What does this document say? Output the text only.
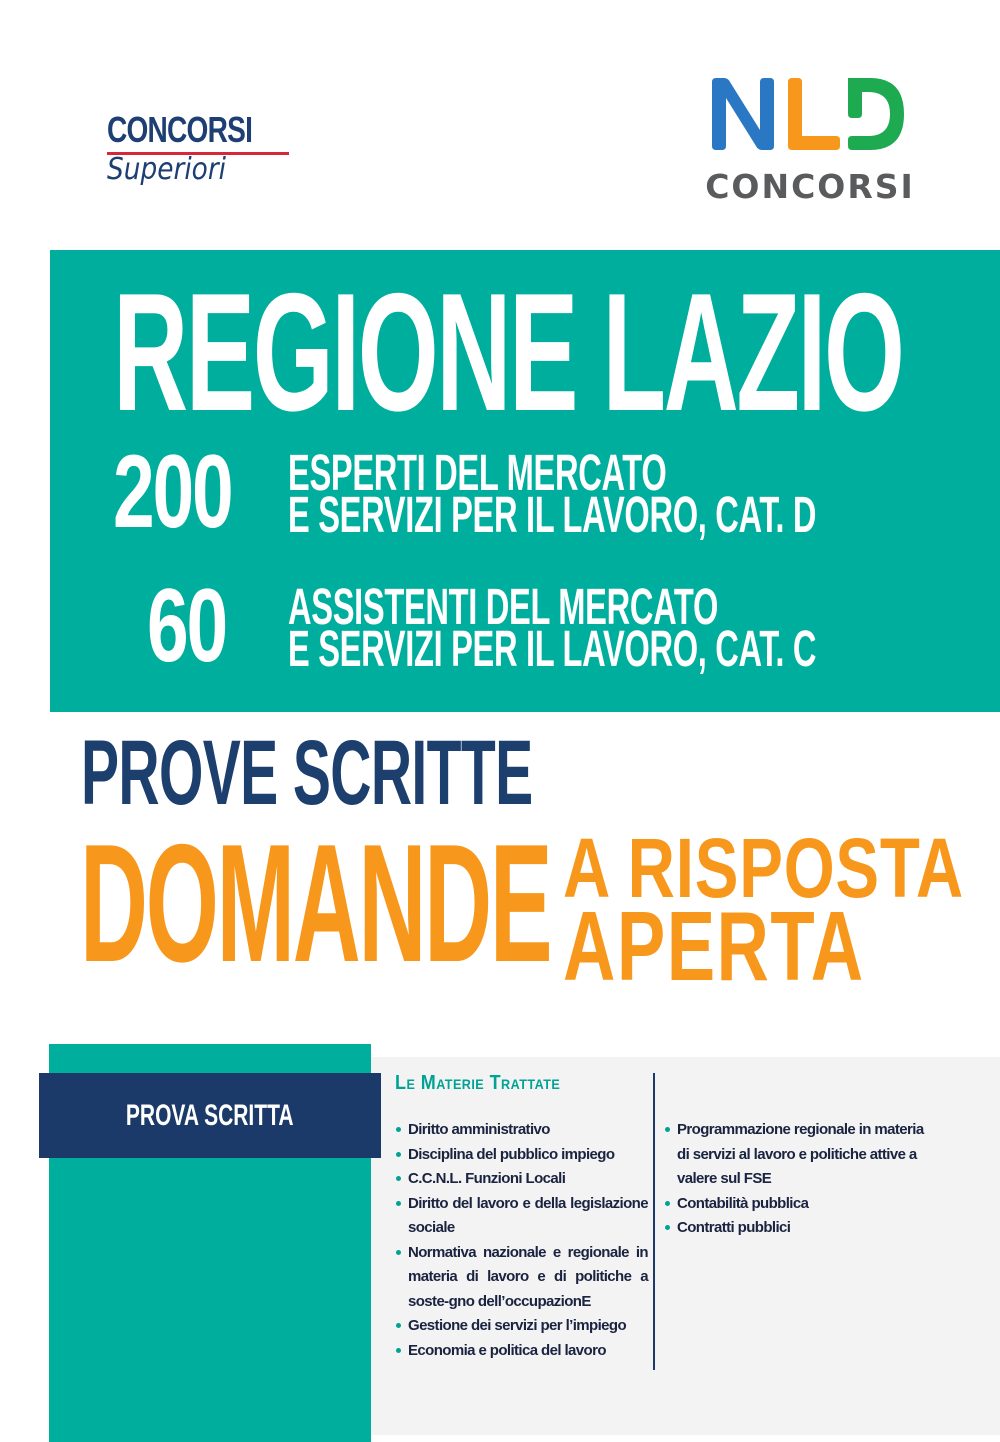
CONCORSI
Superiori	CONCORSI
REGIONE LAZIO
200 ESPERTI DEL MERCATO
E SERVIZI PER IL LAVORO, CAT. D
60 ASSISTENTI DEL MERCATO
E SERVIZI PER IL LAVORO, CAT. C
PROVE SCRITTE
DOMANDE A RISPOSTA
APERTA
PROVA SCRITTA
Le Materie Trattate
Diritto amministrativo
Disciplina del pubblico impiego
C.C.N.L. Funzioni Locali
Diritto del lavoro e della legislazione sociale
Normativa nazionale e regionale in materia di lavoro e di politiche a soste-gno dell’occupazionE
Gestione dei servizi per l’impiego
Economia e politica del lavoro
Programmazione regionale in materia di servizi al lavoro e politiche attive a valere sul FSE
Contabilità pubblica
Contratti pubblici
